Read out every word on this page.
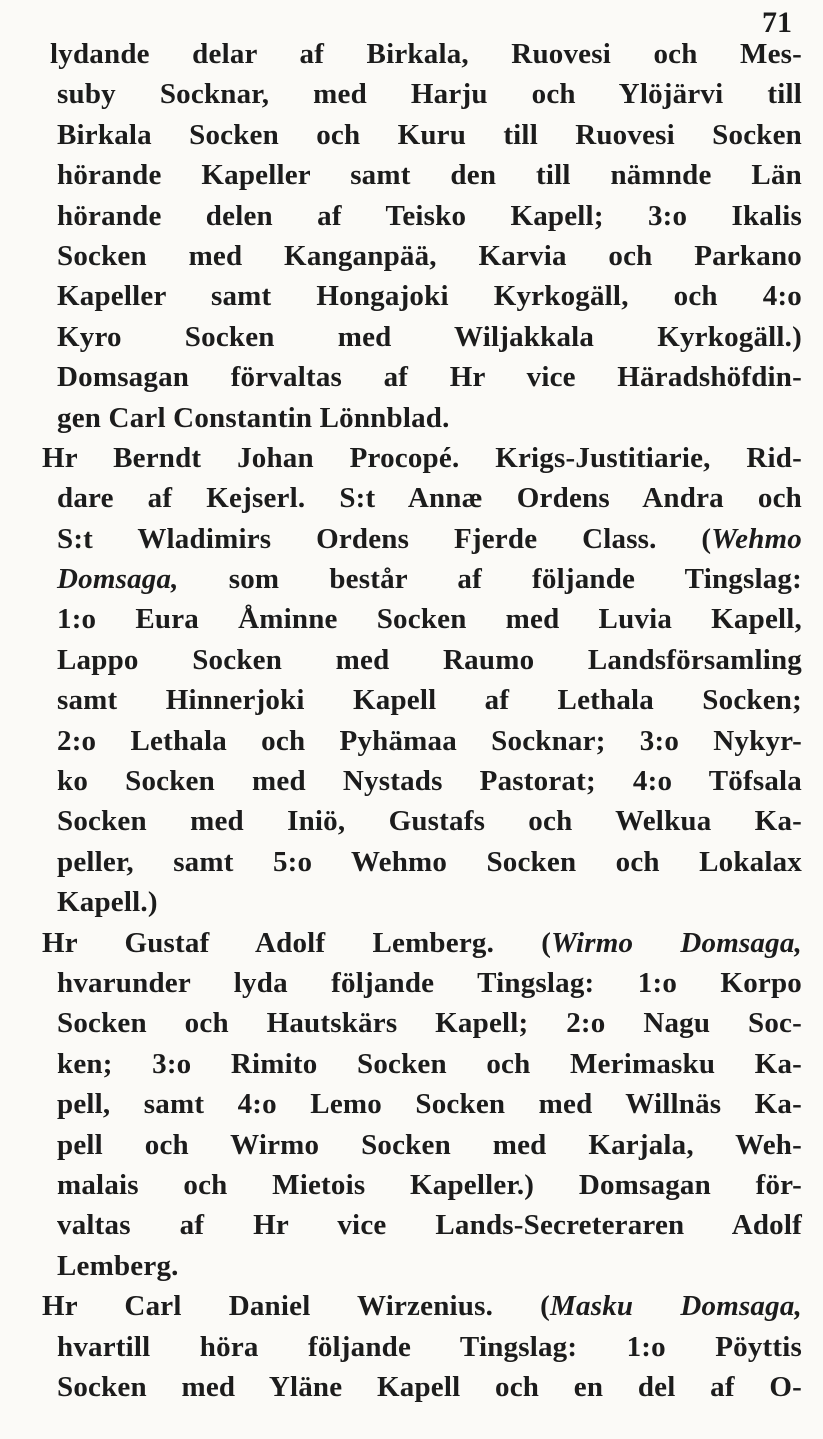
71
lydande delar af Birkala, Ruovesi och Mes-
suby Socknar, med Harju och Ylöjärvi till
Birkala Socken och Kuru till Ruovesi Socken
hörande Kapeller samt den till nämnde Län
hörande delen af Teisko Kapell; 3:o Ikalis
Socken med Kanganpää, Karvia och Parkano
Kapeller samt Hongajoki Kyrkogäll, och 4:o
Kyro Socken med Wiljakkala Kyrkogäll.)
Domsagan förvaltas af Hr vice Häradshöfdin-
gen Carl Constantin Lönnblad.
Hr Berndt Johan Procopé. Krigs-Justitiarie, Rid-
dare af Kejserl. S:t Annæ Ordens Andra och
S:t Wladimirs Ordens Fjerde Class. (Wehmo
Domsaga, som består af följande Tingslag:
1:o Eura Åminne Socken med Luvia Kapell,
Lappo Socken med Raumo Landsförsamling
samt Hinnerjoki Kapell af Lethala Socken;
2:o Lethala och Pyhämaa Socknar; 3:o Nykyr-
ko Socken med Nystads Pastorat; 4:o Töfsala
Socken med Iniö, Gustafs och Welkua Ka-
peller, samt 5:o Wehmo Socken och Lokalax
Kapell.)
Hr Gustaf Adolf Lemberg. (Wirmo Domsaga,
hvarunder lyda följande Tingslag: 1:o Korpo
Socken och Hautskärs Kapell; 2:o Nagu Soc-
ken; 3:o Rimito Socken och Merimasku Ka-
pell, samt 4:o Lemo Socken med Willnäs Ka-
pell och Wirmo Socken med Karjala, Weh-
malais och Mietois Kapeller.) Domsagan för-
valtas af Hr vice Lands-Secreteraren Adolf
Lemberg.
Hr Carl Daniel Wirzenius. (Masku Domsaga,
hvartill höra följande Tingslag: 1:o Pöyttis
Socken med Yläne Kapell och en del af O-
